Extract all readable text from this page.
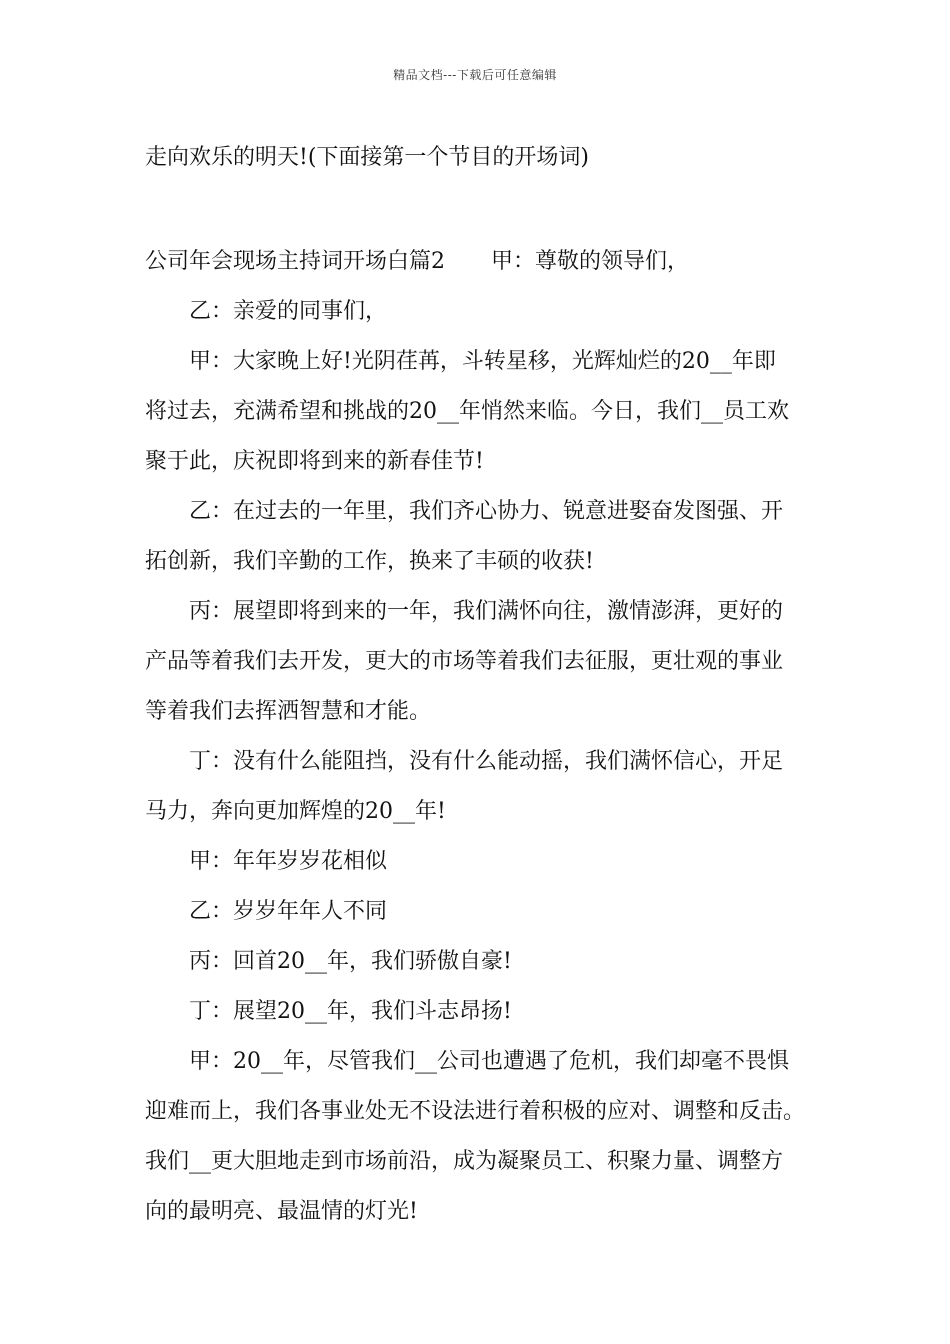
精品文档---下载后可任意编辑
走向欢乐的明天!(下面接第一个节目的开场词)
公司年会现场主持词开场白篇2 甲：尊敬的领导们，
乙：亲爱的同事们，
甲：大家晚上好!光阴荏苒，斗转星移，光辉灿烂的20__年即
将过去，充满希望和挑战的20__年悄然来临。今日，我们__员工欢
聚于此，庆祝即将到来的新春佳节!
乙：在过去的一年里，我们齐心协力、锐意进娶奋发图强、开
拓创新，我们辛勤的工作，换来了丰硕的收获!
丙：展望即将到来的一年，我们满怀向往，激情澎湃，更好的
产品等着我们去开发，更大的市场等着我们去征服，更壮观的事业
等着我们去挥洒智慧和才能。
丁：没有什么能阻挡，没有什么能动摇，我们满怀信心，开足
马力，奔向更加辉煌的20__年!
甲：年年岁岁花相似
乙：岁岁年年人不同
丙：回首20__年，我们骄傲自豪!
丁：展望20__年，我们斗志昂扬!
甲：20__年，尽管我们__公司也遭遇了危机，我们却毫不畏惧
迎难而上，我们各事业处无不设法进行着积极的应对、调整和反击。
我们__更大胆地走到市场前沿，成为凝聚员工、积聚力量、调整方
向的最明亮、最温情的灯光!
